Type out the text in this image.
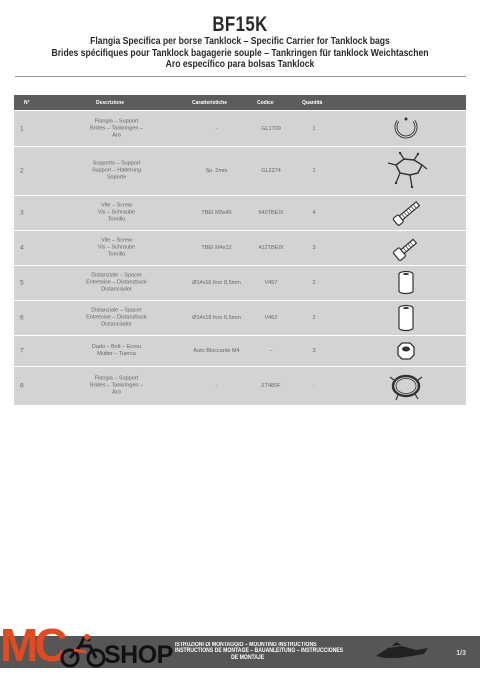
BF15K
Flangia Specifica per borse Tanklock – Specific Carrier for Tanklock bags
Brides spécifiques pour Tanklock bagagerie souple – Tankringen für tanklock Weichtaschen
Aro específico para bolsas Tanklock
N°	Descrizione	Caratteristiche	Codice	Quantità
1
Flangia – Support
Brides – Tankringen –
Aro
-	GL1700	1
2
Supporto – Support
Support – Halterung
Soporte
Sp. 2mm	GL2274	1
3
Vite – Screw
Vis – Schraube
Tornillo
TBEI M5x40	540TBEIX	4
4
Vite – Screw
Vis – Schraube
Tornillo
TBEI M4x12	412TBEIX	3
5
Distanziale – Spacer
Entretoise – Distanzbuck
Distanciador
Ø14x16 foro 8,5mm	V457	2
6
Distanziale – Spacer
Entretoise – Distanzbuck
Distanciador
Ø14x18 foro 6,5mm	V462	2
7
Dado – Bolt – Ecrou
Mutter – Tuerca	Auto Bloccante M4	–	3
8
Flangia – Support
Brides – Tankringen –
Aro
-	ZT480F	-
ISTRUZIONI DI MONTAGGIO – MOUNTING INSTRUCTIONS
INSTRUCTIONS DE MONTAGE – BAUANLEITUNG – INSTRUCCIONES
DE MONTAJE
1/3
MC SHOP
